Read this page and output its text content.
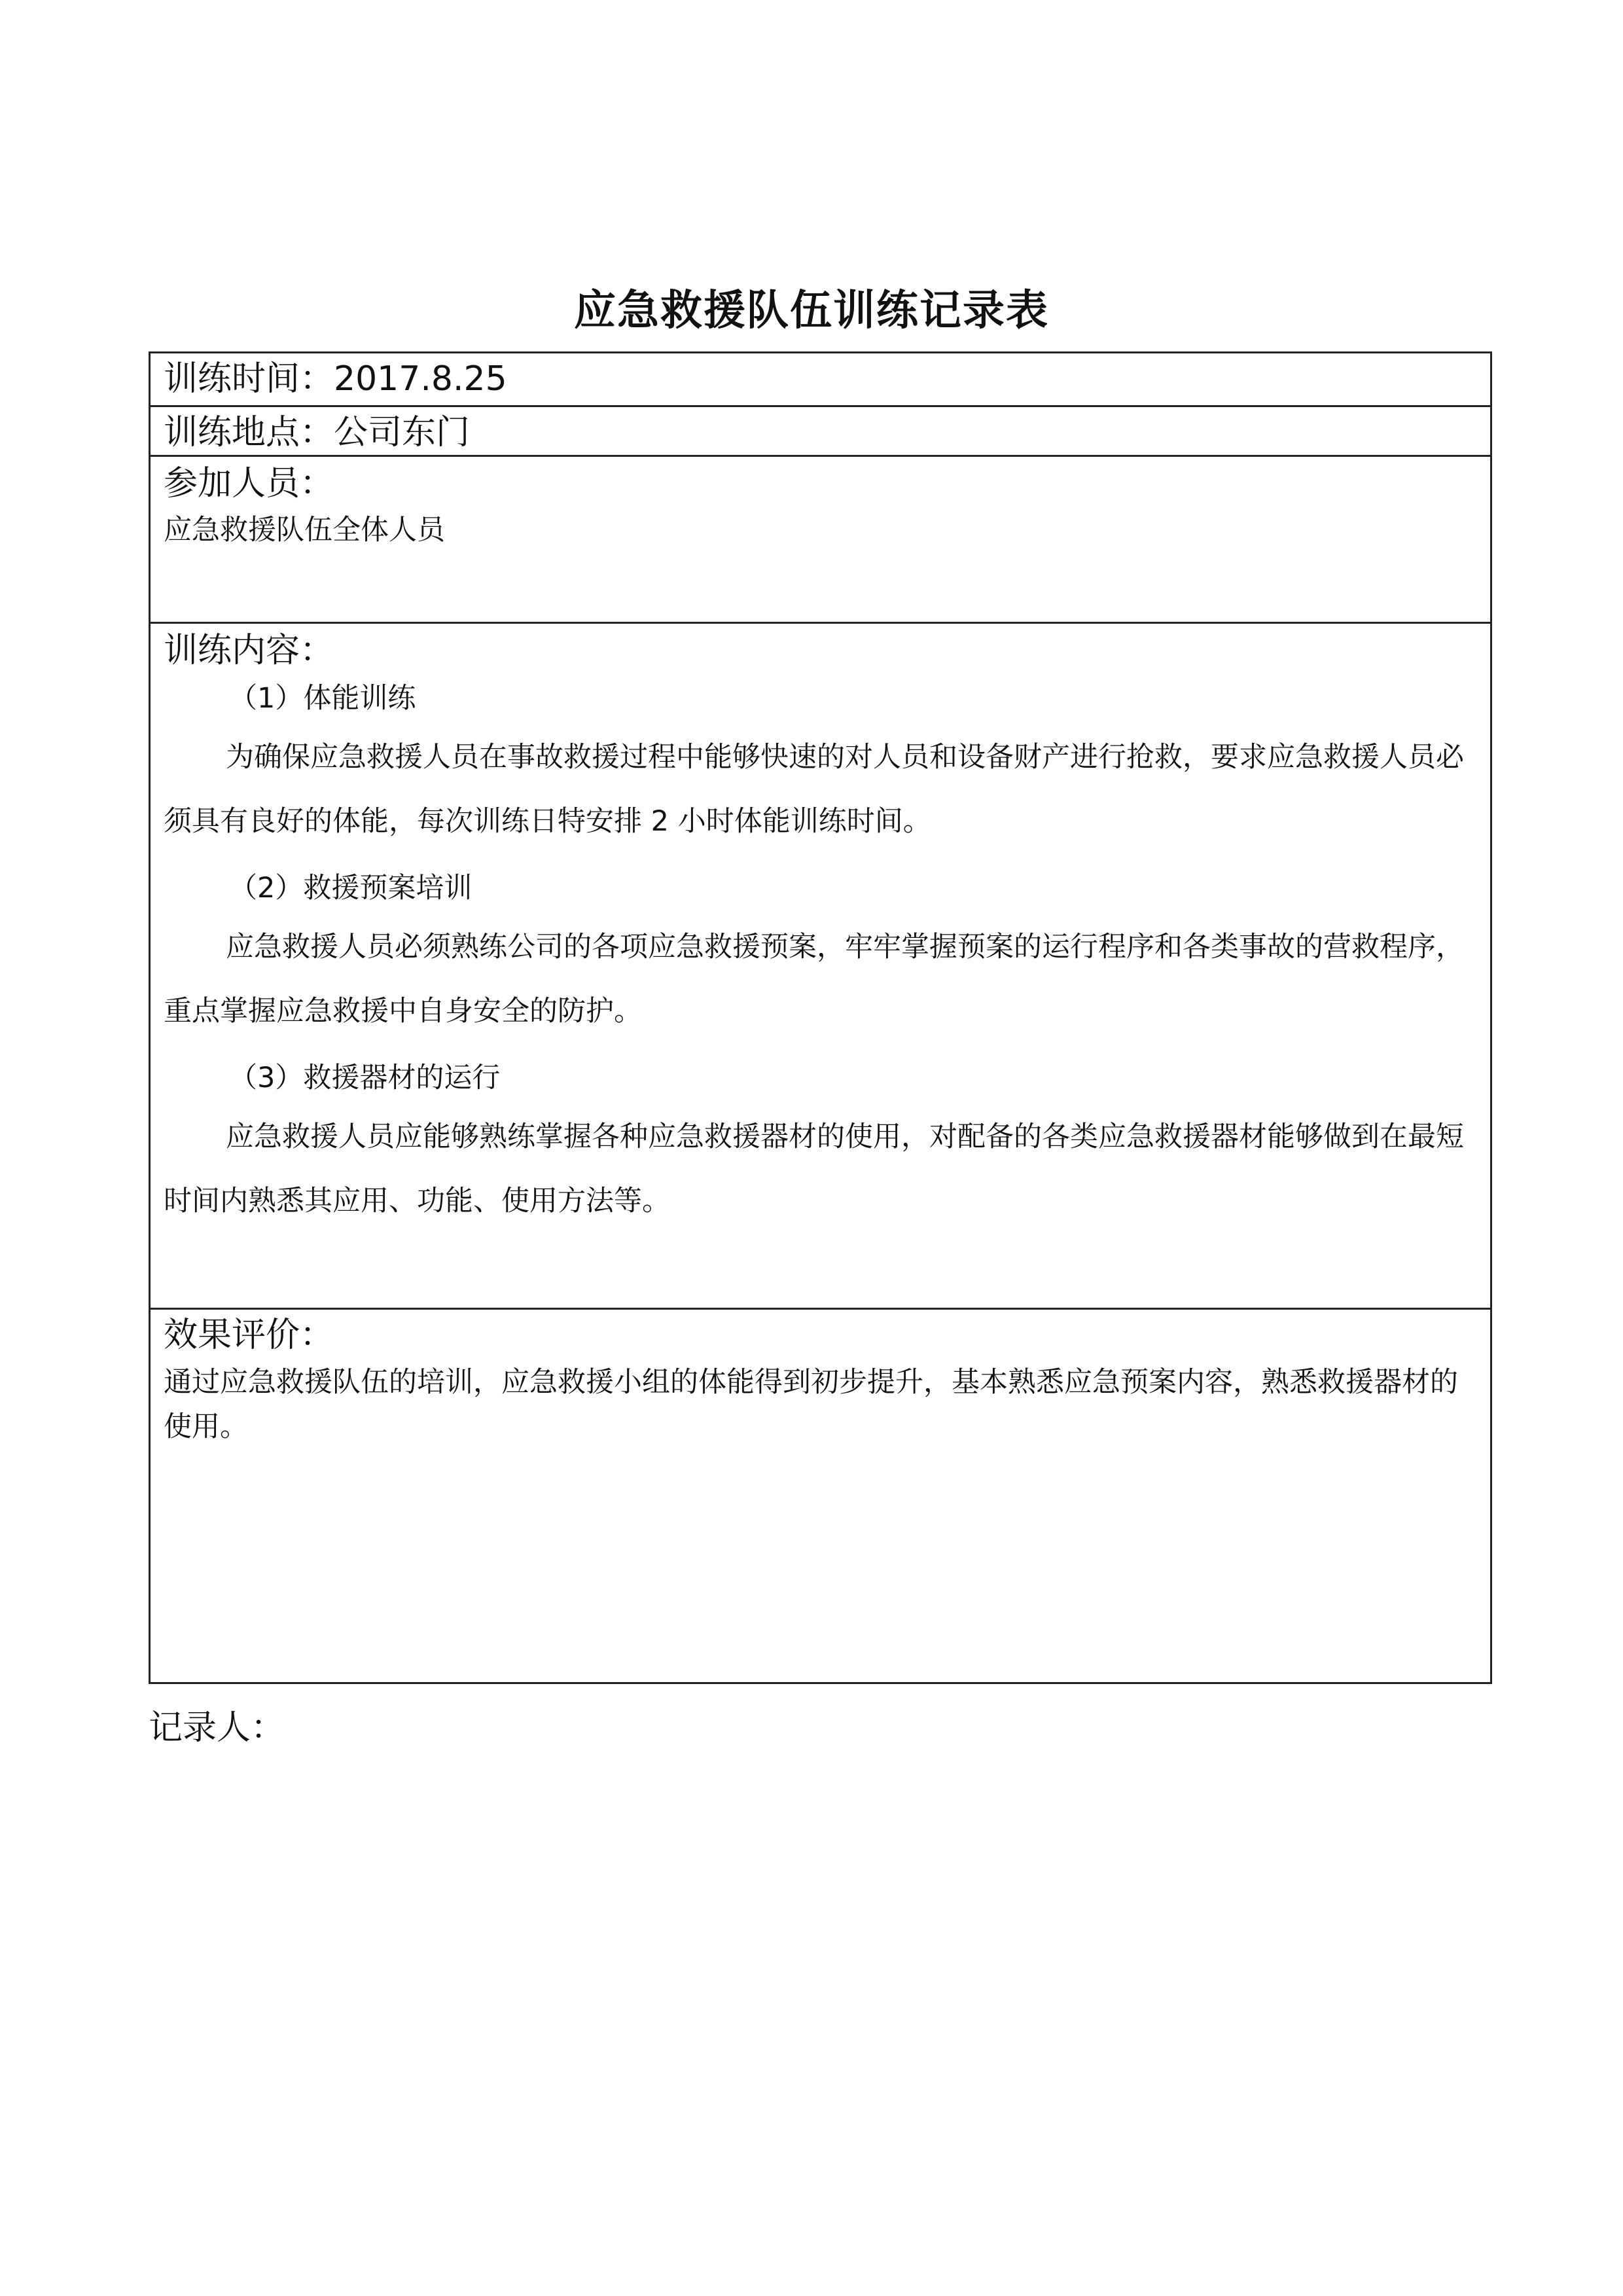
应急救援队伍训练记录表
训练时间：2017.8.25
训练地点：公司东门
参加人员：
应急救援队伍全体人员
训练内容：
（1）体能训练
为确保应急救援人员在事故救援过程中能够快速的对人员和设备财产进行抢救，要求应急救援人员必须具有良好的体能，每次训练日特安排 2 小时体能训练时间。
（2）救援预案培训
应急救援人员必须熟练公司的各项应急救援预案，牢牢掌握预案的运行程序和各类事故的营救程序，重点掌握应急救援中自身安全的防护。
（3）救援器材的运行
应急救援人员应能够熟练掌握各种应急救援器材的使用，对配备的各类应急救援器材能够做到在最短时间内熟悉其应用、功能、使用方法等。
效果评价：
通过应急救援队伍的培训，应急救援小组的体能得到初步提升，基本熟悉应急预案内容，熟悉救援器材的使用。
记录人：
